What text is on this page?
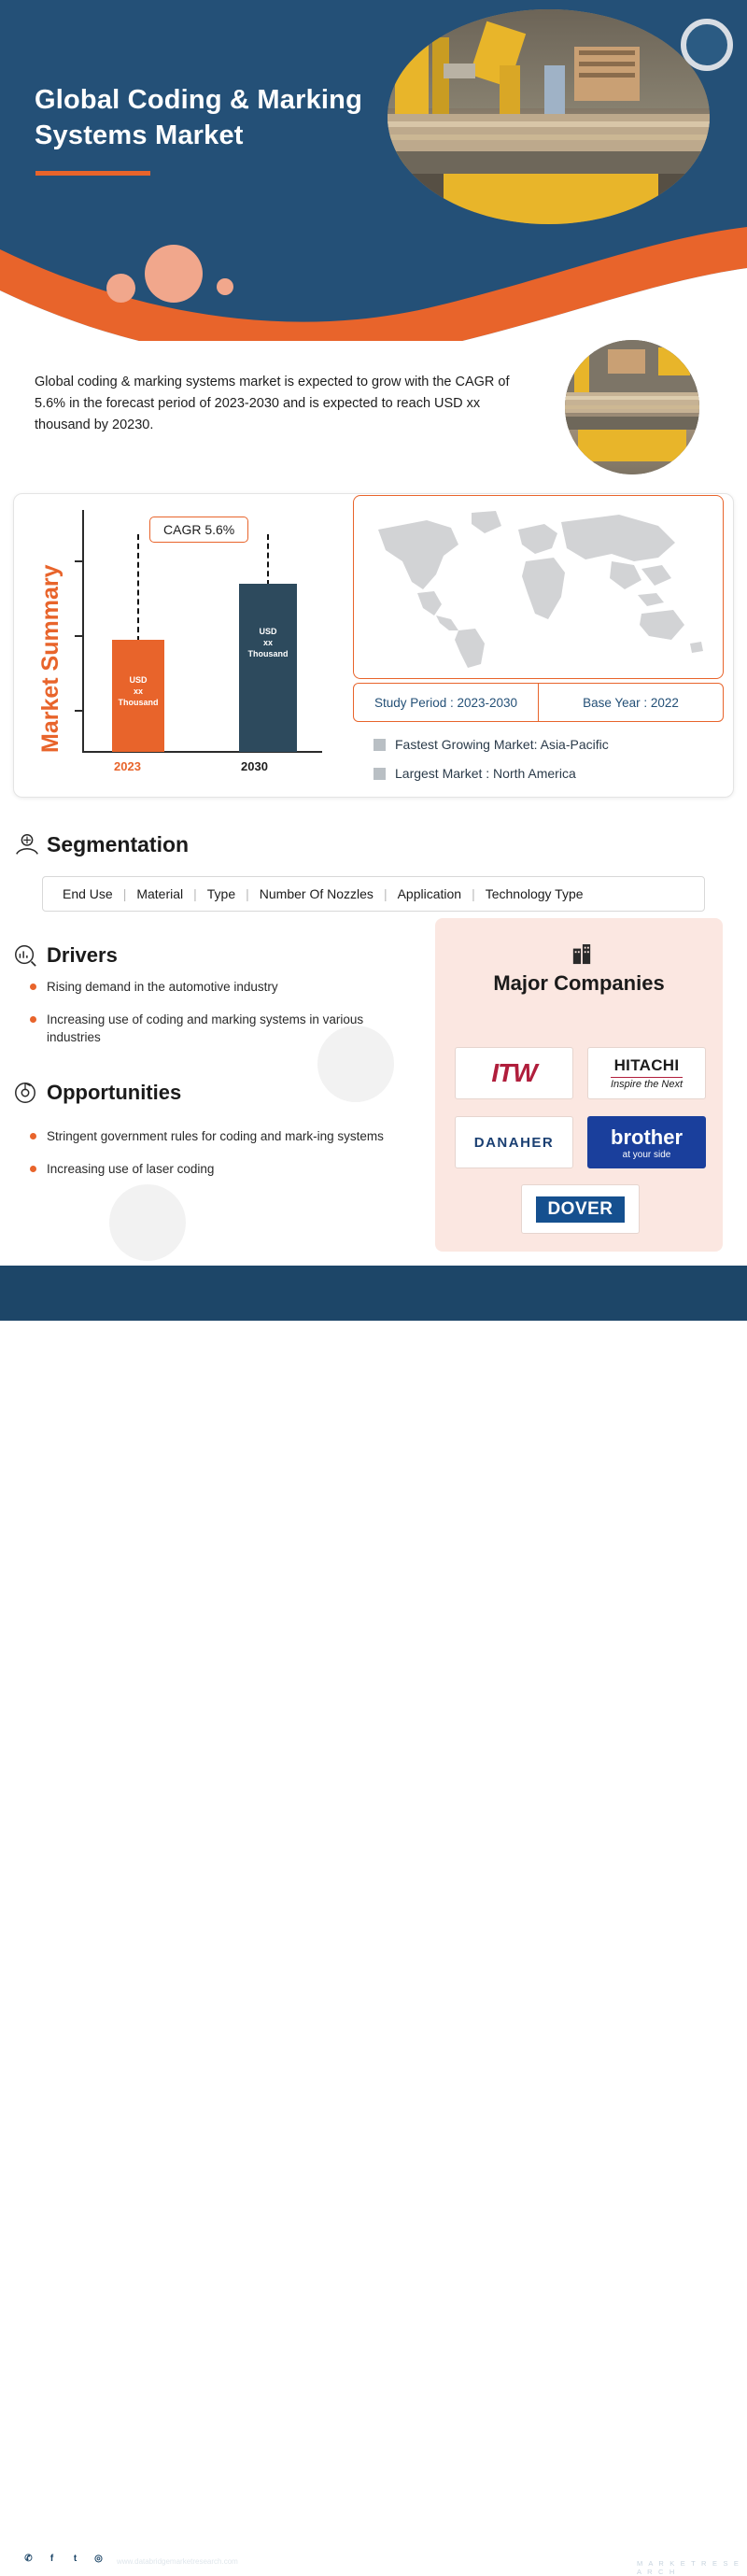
Global Coding & Marking Systems Market
Global coding & marking systems market is expected to grow with the CAGR of 5.6% in the forecast period of 2023-2030 and is expected to reach USD xx thousand by 20230.
Market Summary
CAGR 5.6%
USD
xx
Thousand
USD
xx
Thousand
2023	2030
Study Period : 2023-2030	Base Year : 2022
Fastest Growing Market: Asia-Pacific
Largest Market : North America
Segmentation
End Use | Material | Type | Number Of Nozzles | Application | Technology Type
Drivers
Rising demand in the automotive industry
Increasing use of coding and marking systems in various industries
Opportunities
Stringent government rules for coding and mark-ing systems
Increasing use of laser coding
Major Companies
ITW	HITACHI
Inspire the Next
DANAHER	brother
at your side
DOVER
✆	f	t	◎
More info:
www.databridgemarketresearch.com	b DATA BRIDGE
M A R K E T R E S E A R C H
